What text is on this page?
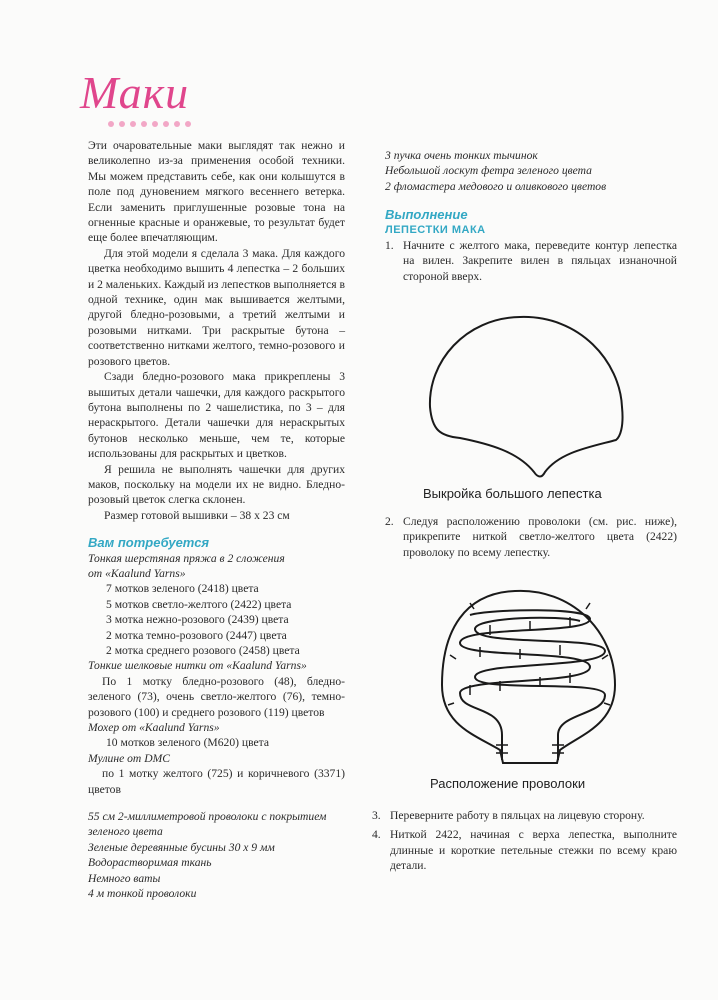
Маки

Эти очаровательные маки выглядят так нежно и великолепно из-за применения особой техники. Мы можем представить себе, как они колышутся в поле под дуновением мягкого весеннего ветерка. Если заменить приглушенные розовые тона на огненные красные и оранжевые, то результат будет еще более впечатляющим.

Для этой модели я сделала 3 мака. Для каждого цветка необходимо вышить 4 лепестка – 2 больших и 2 маленьких. Каждый из лепестков выполняется в одной технике, один мак вышивается желтыми, другой бледно-розовыми, а третий желтыми и розовыми нитками. Три раскрытые бутона – соответственно нитками желтого, темно-розового и розового цветов.

Сзади бледно-розового мака прикреплены 3 вышитых детали чашечки, для каждого раскрытого бутона выполнены по 2 чашелистика, по 3 – для нераскрытого. Детали чашечки для нераскрытых бутонов несколько меньше, чем те, которые использованы для раскрытых и цветков.

Я решила не выполнять чашечки для других маков, поскольку на модели их не видно. Бледно-розовый цветок слегка склонен.

Размер готовой вышивки – 38 х 23 см

Вам потребуется

Тонкая шерстяная пряжа в 2 сложения

от «Kaalund Yarns»

7 мотков зеленого (2418) цвета

5 мотков светло-желтого (2422) цвета

3 мотка нежно-розового (2439) цвета

2 мотка темно-розового (2447) цвета

2 мотка среднего розового (2458) цвета

Тонкие шелковые нитки от «Kaalund Yarns»

По 1 мотку бледно-розового (48), бледно-зеленого (73), очень светло-желтого (76), темно-розового (100) и среднего розового (119) цветов

Мохер от «Kaalund Yarns»

10 мотков зеленого (M620) цвета

Мулине от DMC

по 1 мотку желтого (725) и коричневого (3371) цветов

55 см 2-миллиметровой проволоки с покрытием зеленого цвета

Зеленые деревянные бусины 30 х 9 мм

Водорастворимая ткань

Немного ваты

4 м тонкой проволоки

3 пучка очень тонких тычинок

Небольшой лоскут фетра зеленого цвета

2 фломастера медового и оливкового цветов

Выполнение
ЛЕПЕСТКИ МАКА
1. Начните с желтого мака, переведите контур лепестка на вилен. Закрепите вилен в пяльцах изнаночной стороной вверх.
Выкройка большого лепестка
2. Следуя расположению проволоки (см. рис. ниже), прикрепите ниткой светло-желтого цвета (2422) проволоку по всему лепестку.
Расположение проволоки
3. Переверните работу в пяльцах на лицевую сторону.
4. Ниткой 2422, начиная с верха лепестка, выполните длинные и короткие петельные стежки по всему краю детали.
